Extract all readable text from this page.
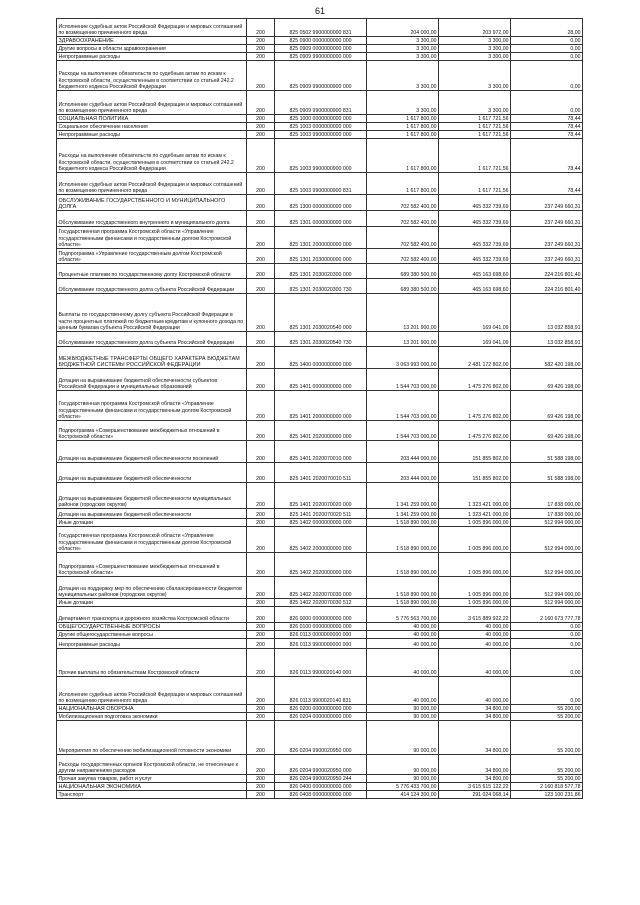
61
Исполнение судебных актов Российской Федерации и мировых соглашений по возмещению причиненного вреда	200	825 0502 9900000000 831	204 000,00	203 972,00	28,00
ЗДРАВООХРАНЕНИЕ	200	825 0900 0000000000 000	3 300,00	3 300,00	0,00
Другие вопросы в области здравоохранения	200	825 0909 0000000000 000	3 300,00	3 300,00	0,00
Непрограммные расходы	200	825 0909 9900000000 000	3 300,00	3 300,00	0,00
Расходы на выполнение обязательств по судебным актам по искам к Костромской области, осуществленным в соответствии со статьей 242.2 Бюджетного кодекса Российской Федерации	200	825 0909 9900000900 000	3 300,00	3 300,00	0,00
Исполнение судебных актов Российской Федерации и мировых соглашений по возмещению причиненного вреда	200	825 0909 9900000900 831	3 300,00	3 300,00	0,00
СОЦИАЛЬНАЯ ПОЛИТИКА	200	825 1000 0000000000 000	1 617 800,00	1 617 721,56	78,44
Социальное обеспечение населения	200	825 1003 0000000000 000	1 617 800,00	1 617 721,56	78,44
Непрограммные расходы	200	825 1003 9900000000 000	1 617 800,00	1 617 721,56	78,44
Расходы на выполнение обязательств по судебным актам по искам к Костромской области, осуществленным в соответствии со статьей 242.2 Бюджетного кодекса Российской Федерации	200	825 1003 9900000900 000	1 617 800,00	1 617 721,56	78,44
Исполнение судебных актов Российской Федерации и мировых соглашений по возмещению причиненного вреда	200	825 1003 9900000900 831	1 617 800,00	1 617 721,56	78,44
ОБСЛУЖИВАНИЕ ГОСУДАРСТВЕННОГО И МУНИЦИПАЛЬНОГО ДОЛГА	200	825 1300 0000000000 000	702 582 400,00	465 332 739,69	237 249 660,31
Обслуживание государственного внутреннего и муниципального долга	200	825 1301 0000000000 000	702 582 400,00	465 332 739,69	237 249 660,31
Государственная программа Костромской области «Управление государственными финансами и государственным долгом Костромской области»	200	825 1301 2000000000 000	702 582 400,00	465 332 739,69	237 249 660,31
Подпрограмма «Управление государственным долгом Костромской области»	200	825 1301 2030000000 000	702 582 400,00	465 332 739,69	237 249 660,31
Процентные платежи по государственному долгу Костромской области	200	825 1301 2030020300 000	689 380 500,00	465 163 698,60	224 216 801,40
Обслуживание государственного долга субъекта Российской Федерации	200	825 1301 2030020300 730	689 380 500,00	465 163 698,60	224 216 801,40
Выплаты по государственному долгу субъекта Российской Федерации в части процентных платежей по бюджетным кредитам и купонного дохода по ценным бумагам субъекта Российской Федерации	200	825 1301 2030020540 000	13 201 900,00	169 041,09	13 032 858,91
Обслуживание государственного долга субъекта Российской Федерации	200	825 1301 2030020540 730	13 201 900,00	169 041,09	13 032 858,91
МЕЖБЮДЖЕТНЫЕ ТРАНСФЕРТЫ ОБЩЕГО ХАРАКТЕРА БЮДЖЕТАМ БЮДЖЕТНОЙ СИСТЕМЫ РОССИЙСКОЙ ФЕДЕРАЦИИ	200	825 1400 0000000000 000	3 063 993 000,00	2 481 172 802,00	582 420 198,00
Дотации на выравнивание бюджетной обеспеченности субъектов Российской Федерации и муниципальных образований	200	825 1401 0000000000 000	1 544 703 000,00	1 475 276 802,00	69 426 198,00
Государственная программа Костромской области «Управление государственными финансами и государственным долгом Костромской области»	200	825 1401 2000000000 000	1 544 703 000,00	1 475 276 802,00	69 426 198,00
Подпрограмма «Совершенствование межбюджетных отношений в Костромской области»	200	825 1401 2020000000 000	1 544 703 000,00	1 475 276 802,00	69 426 198,00
Дотации на выравнивание бюджетной обеспеченности поселений	200	825 1401 2020070010 000	203 444 000,00	151 855 802,00	51 588 198,00
Дотации на выравнивание бюджетной обеспеченности	200	825 1401 2020070010 511	203 444 000,00	151 855 802,00	51 588 198,00
Дотации на выравнивание бюджетной обеспеченности муниципальных районов (городских округов)	200	825 1401 2020070020 000	1 341 259 000,00	1 323 421 000,00	17 838 000,00
Дотации на выравнивание бюджетной обеспеченности	200	825 1401 2020070020 511	1 341 259 000,00	1 323 421 000,00	17 838 000,00
Иные дотации	200	825 1402 0000000000 000	1 518 890 000,00	1 005 896 000,00	512 994 000,00
Государственная программа Костромской области «Управление государственными финансами и государственным долгом Костромской области»	200	825 1402 2000000000 000	1 518 890 000,00	1 005 896 000,00	512 994 000,00
Подпрограмма «Совершенствование межбюджетных отношений в Костромской области»	200	825 1402 2020000000 000	1 518 890 000,00	1 005 896 000,00	512 994 000,00
Дотации на поддержку мер по обеспечению сбалансированности бюджетов муниципальных районов (городских округов)	200	825 1402 2020070030 000	1 518 890 000,00	1 005 896 000,00	512 994 000,00
Иные дотации	200	825 1402 2020070030 512	1 518 890 000,00	1 005 896 000,00	512 994 000,00
Департамент транспорта и дорожного хозяйства Костромской области	200	826 0000 0000000000 000	5 776 563 700,00	3 615 889 922,22	2 160 673 777,78
ОБЩЕГОСУДАРСТВЕННЫЕ ВОПРОСЫ	200	826 0100 0000000000 000	40 000,00	40 000,00	0,00
Другие общегосударственные вопросы	200	826 0113 0000000000 000	40 000,00	40 000,00	0,00
Непрограммные расходы	200	826 0113 9900000000 000	40 000,00	40 000,00	0,00
Прочие выплаты по обязательствам Костромской области	200	826 0113 9900020140 000	40 000,00	40 000,00	0,00
Исполнение судебных актов Российской Федерации и мировых соглашений по возмещению причиненного вреда	200	826 0113 9900020140 831	40 000,00	40 000,00	0,00
НАЦИОНАЛЬНАЯ ОБОРОНА	200	826 0200 0000000000 000	90 000,00	34 800,00	55 200,00
Мобилизационная подготовка экономики	200	826 0204 0000000000 000	90 000,00	34 800,00	55 200,00
Мероприятия по обеспечению мобилизационной готовности экономики	200	826 0204 9900020950 000	90 000,00	34 800,00	55 200,00
Расходы государственных органов Костромской области, не отнесенные к другим направлениям расходов	200	826 0204 9900020950 000	90 000,00	34 800,00	55 200,00
Прочая закупка товаров, работ и услуг	200	826 0204 9900020950 244	90 000,00	34 800,00	55 200,00
НАЦИОНАЛЬНАЯ ЭКОНОМИКА	200	826 0400 0000000000 000	5 776 433 700,00	3 615 615 122,22	2 160 818 577,78
Транспорт	200	826 0408 0000000000 000	414 124 300,00	291 024 068,14	123 100 231,86
